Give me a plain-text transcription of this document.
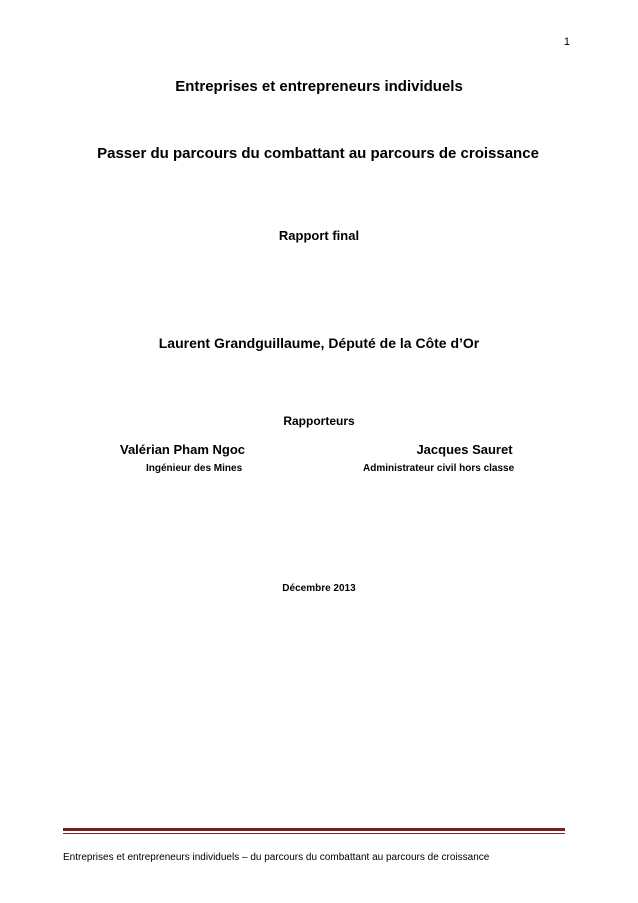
1
Entreprises et entrepreneurs individuels
Passer du parcours du combattant au parcours de croissance
Rapport final
Laurent Grandguillaume, Député de la Côte d’Or
Rapporteurs
Valérian Pham Ngoc
Ingénieur des Mines
Jacques Sauret
Administrateur civil hors classe
Décembre 2013
Entreprises et entrepreneurs individuels – du parcours du combattant au parcours de croissance
